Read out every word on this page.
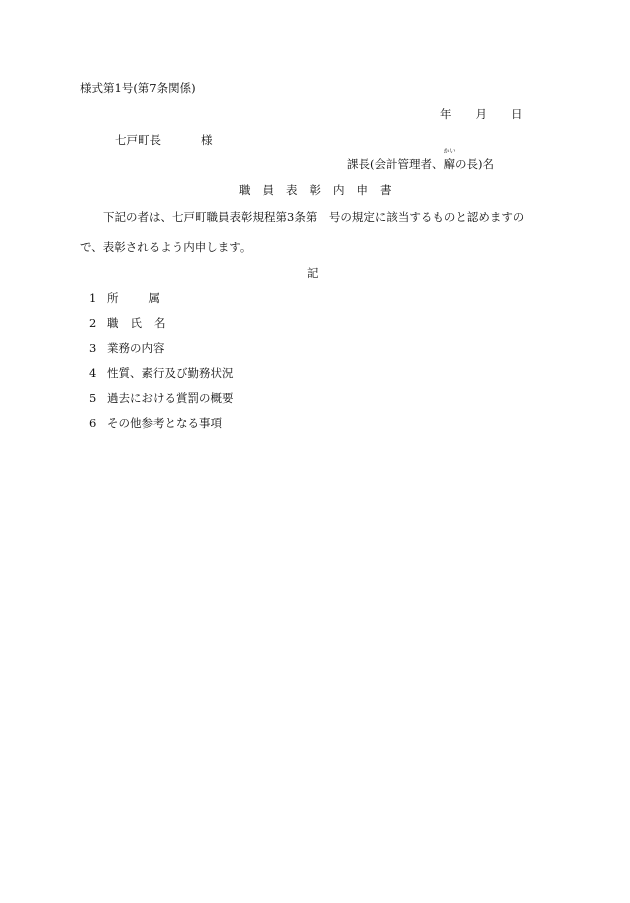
様式第1号(第7条関係)
年 月 日
七戸町長	様
課長(会計管理者、
かい
廨の長)名
職員表彰内申書
下記の者は、七戸町職員表彰規程第3条第　号の規定に該当するものと認めますの
で、表彰されるよう内申します。
記
1 所属
2 職氏名
3 業務の内容
4 性質、素行及び勤務状況
5 過去における賞罰の概要
6 その他参考となる事項
